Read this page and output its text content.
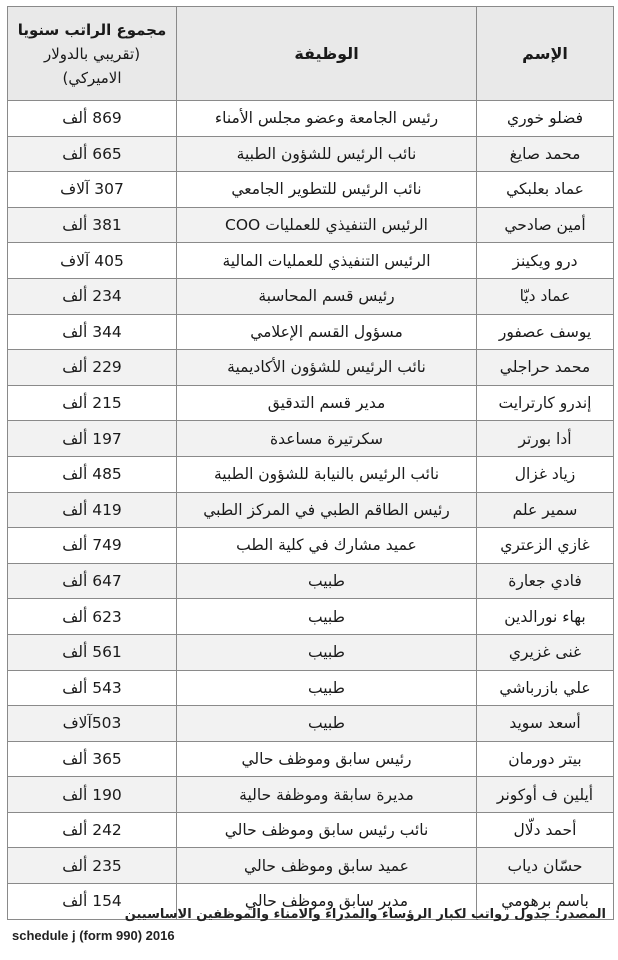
الإسم	الوظيفة	مجموع الراتب سنويا

(تقريبي بالدولار
الاميركي)

فضلو خوري	رئيس الجامعة وعضو مجلس الأمناء	869 ألف
محمد صايغ	نائب الرئيس للشؤون الطبية	665 ألف
عماد بعلبكي	نائب الرئيس للتطوير الجامعي	307 آلاف
أمين صادحي	الرئيس التنفيذي للعمليات COO	381 ألف
درو ويكينز	الرئيس التنفيذي للعمليات المالية	405 آلاف
عماد ديّا	رئيس قسم المحاسبة	234 ألف
يوسف عصفور	مسؤول القسم الإعلامي	344 ألف
محمد حراجلي	نائب الرئيس للشؤون الأكاديمية	229 ألف
إندرو كارترايت	مدير قسم التدقيق	215 ألف
أدا بورتر	سكرتيرة مساعدة	197 ألف
زياد غزال	نائب الرئيس بالنيابة للشؤون الطبية	485 ألف
سمير علم	رئيس الطاقم الطبي في المركز الطبي	419 ألف
غازي الزعتري	عميد مشارك في كلية الطب	749 ألف
فادي جعارة	طبيب	647 ألف
بهاء نورالدين	طبيب	623 ألف
غنى غزيري	طبيب	561 ألف
علي بازرباشي	طبيب	543 ألف
أسعد سويد	طبيب	503آلاف
بيتر دورمان	رئيس سابق وموظف حالي	365 ألف
أيلين ف أوكونر	مديرة سابقة وموظفة حالية	190 ألف
أحمد دلّال	نائب رئيس سابق وموظف حالي	242 ألف
حسّان دياب	عميد سابق وموظف حالي	235 ألف
باسم برهومي	مدير سابق وموظف حالي	154 ألف
المصدر: جدول رواتب لكبار الرؤساء والمدراء والامناء والموظفين الاساسيين
schedule j (form 990) 2016
